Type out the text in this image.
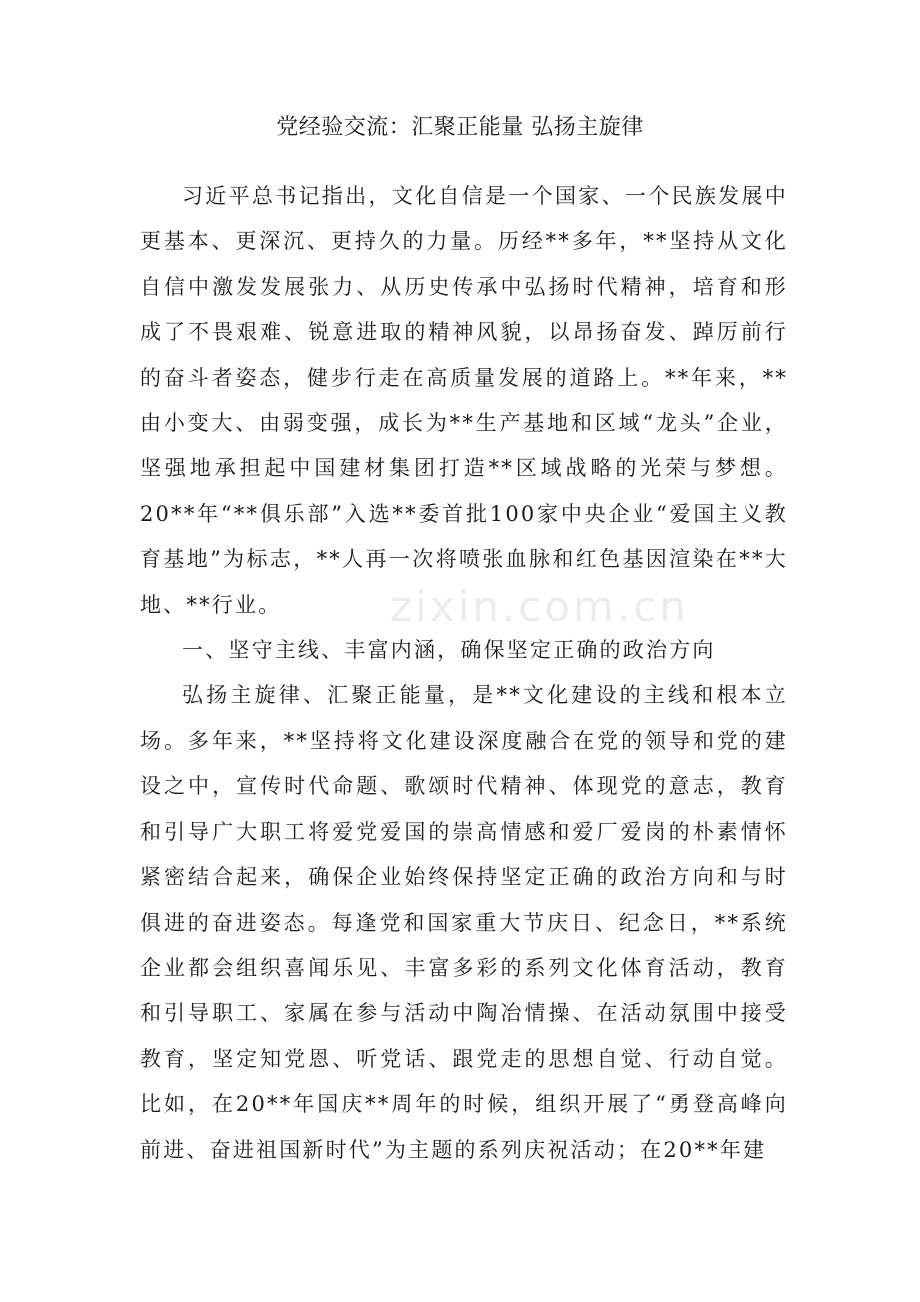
党经验交流：汇聚正能量 弘扬主旋律

习近平总书记指出，文化自信是一个国家、一个民族发展中更基本、更深沉、更持久的力量。历经**多年，**坚持从文化自信中激发发展张力、从历史传承中弘扬时代精神，培育和形成了不畏艰难、锐意进取的精神风貌，以昂扬奋发、踔厉前行的奋斗者姿态，健步行走在高质量发展的道路上。**年来，**由小变大、由弱变强，成长为**生产基地和区域“龙头”企业，坚强地承担起中国建材集团打造**区域战略的光荣与梦想。20**年“**俱乐部”入选**委首批100家中央企业“爱国主义教育基地”为标志，**人再一次将喷张血脉和红色基因渲染在**大地、**行业。

一、坚守主线、丰富内涵，确保坚定正确的政治方向

弘扬主旋律、汇聚正能量，是**文化建设的主线和根本立场。多年来，**坚持将文化建设深度融合在党的领导和党的建设之中，宣传时代命题、歌颂时代精神、体现党的意志，教育和引导广大职工将爱党爱国的崇高情感和爱厂爱岗的朴素情怀紧密结合起来，确保企业始终保持坚定正确的政治方向和与时俱进的奋进姿态。每逢党和国家重大节庆日、纪念日，**系统企业都会组织喜闻乐见、丰富多彩的系列文化体育活动，教育和引导职工、家属在参与活动中陶冶情操、在活动氛围中接受教育，坚定知党恩、听党话、跟党走的思想自觉、行动自觉。比如，在20**年国庆**周年的时候，组织开展了“勇登高峰向前进、奋进祖国新时代”为主题的系列庆祝活动；在20**年建

zixin.com.cn
